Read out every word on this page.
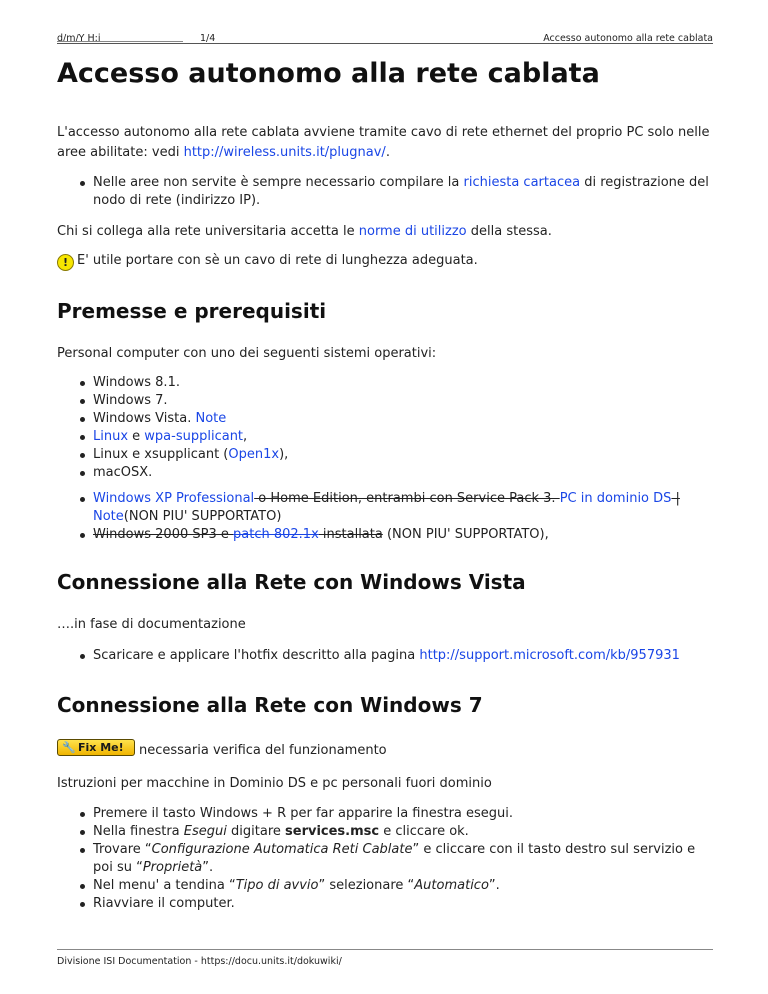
d/m/Y H:i	1/4	Accesso autonomo alla rete cablata
Accesso autonomo alla rete cablata

L'accesso autonomo alla rete cablata avviene tramite cavo di rete ethernet del proprio PC solo nelle aree abilitate: vedi http://wireless.units.it/plugnav/.

Nelle aree non servite è sempre necessario compilare la richiesta cartacea di registrazione del nodo di rete (indirizzo IP).

Chi si collega alla rete universitaria accetta le norme di utilizzo della stessa.

! E' utile portare con sè un cavo di rete di lunghezza adeguata.

Premesse e prerequisiti

Personal computer con uno dei seguenti sistemi operativi:

Windows 8.1.
Windows 7.
Windows Vista. Note
Linux e wpa-supplicant,
Linux e xsupplicant (Open1x),
macOSX.
Windows XP Professional o Home Edition, entrambi con Service Pack 3. PC in dominio DS |
Note(NON PIU' SUPPORTATO)
Windows 2000 SP3 e patch 802.1x installata (NON PIU' SUPPORTATO),
Connessione alla Rete con Windows Vista

….in fase di documentazione

Scaricare e applicare l'hotfix descritto alla pagina http://support.microsoft.com/kb/957931
Connessione alla Rete con Windows 7

🔧 Fix Me! necessaria verifica del funzionamento

Istruzioni per macchine in Dominio DS e pc personali fuori dominio

Premere il tasto Windows + R per far apparire la finestra esegui.
Nella finestra Esegui digitare services.msc e cliccare ok.
Trovare “Configurazione Automatica Reti Cablate” e cliccare con il tasto destro sul servizio e poi su “Proprietà”.
Nel menu' a tendina “Tipo di avvio” selezionare “Automatico”.
Riavviare il computer.
Divisione ISI Documentation - https://docu.units.it/dokuwiki/
